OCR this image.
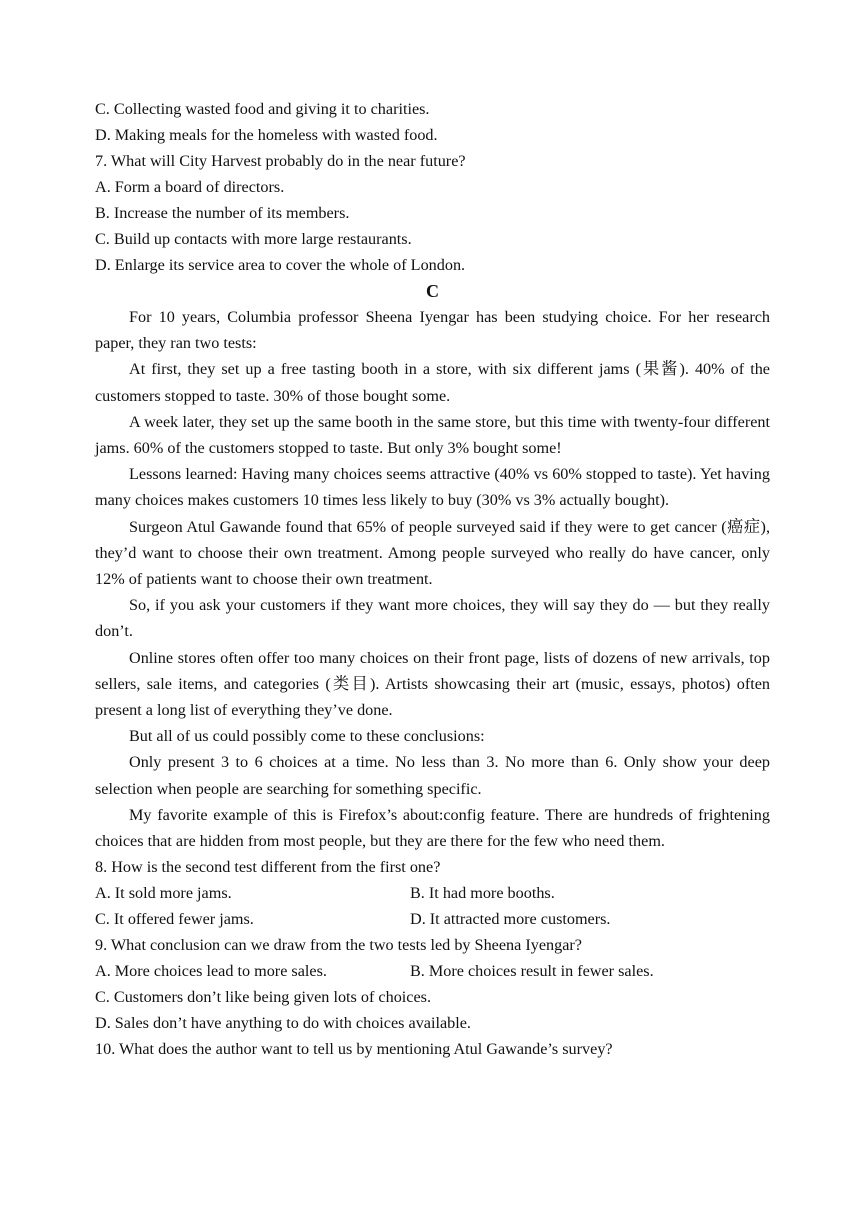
C. Collecting wasted food and giving it to charities.

D. Making meals for the homeless with wasted food.

7. What will City Harvest probably do in the near future?

A. Form a board of directors.

B. Increase the number of its members.

C. Build up contacts with more large restaurants.

D. Enlarge its service area to cover the whole of London.

C

For 10 years, Columbia professor Sheena Iyengar has been studying choice. For her research paper, they ran two tests:

At first, they set up a free tasting booth in a store, with six different jams (果酱). 40% of the customers stopped to taste. 30% of those bought some.

A week later, they set up the same booth in the same store, but this time with twenty-four different jams. 60% of the customers stopped to taste. But only 3% bought some!

Lessons learned: Having many choices seems attractive (40% vs 60% stopped to taste). Yet having many choices makes customers 10 times less likely to buy (30% vs 3% actually bought).

Surgeon Atul Gawande found that 65% of people surveyed said if they were to get cancer (癌症), they’d want to choose their own treatment. Among people surveyed who really do have cancer, only 12% of patients want to choose their own treatment.

So, if you ask your customers if they want more choices, they will say they do — but they really don’t.

Online stores often offer too many choices on their front page, lists of dozens of new arrivals, top sellers, sale items, and categories (类目). Artists showcasing their art (music, essays, photos) often present a long list of everything they’ve done.

But all of us could possibly come to these conclusions:

Only present 3 to 6 choices at a time. No less than 3. No more than 6. Only show your deep selection when people are searching for something specific.

My favorite example of this is Firefox’s about:config feature. There are hundreds of frightening choices that are hidden from most people, but they are there for the few who need them.

8. How is the second test different from the first one?

A. It sold more jams.	B. It had more booths.
C. It offered fewer jams.	D. It attracted more customers.

9. What conclusion can we draw from the two tests led by Sheena Iyengar?

A. More choices lead to more sales.	B. More choices result in fewer sales.

C. Customers don’t like being given lots of choices.

D. Sales don’t have anything to do with choices available.

10. What does the author want to tell us by mentioning Atul Gawande’s survey?
